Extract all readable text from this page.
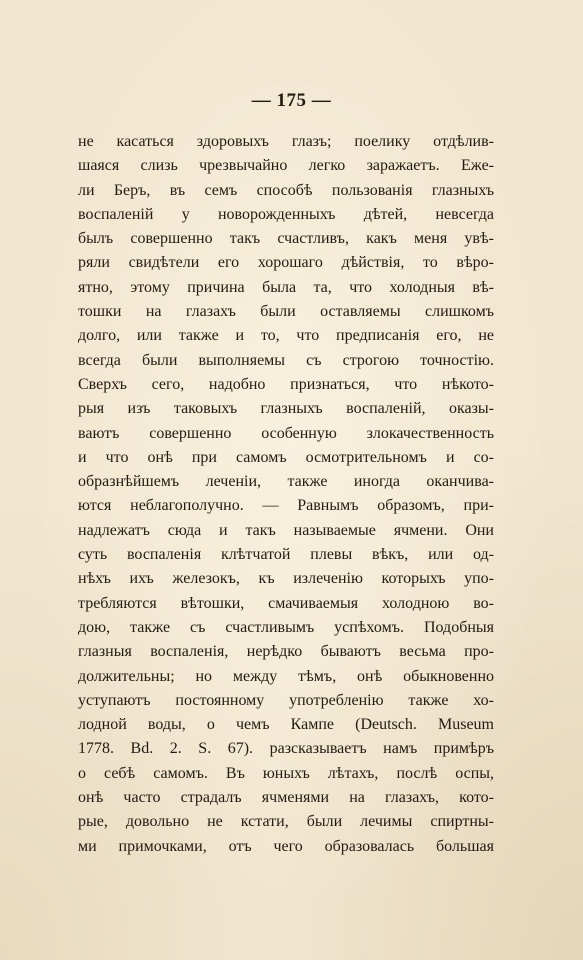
— 175 —
не касаться здоровыхъ глазъ; поелику отдѣлив-
шаяся слизь чрезвычайно легко заражаетъ. Еже-
ли Беръ, въ семъ способѣ пользованія глазныхъ
воспаленій у новорожденныхъ дѣтей, невсегда
былъ совершенно такъ счастливъ, какъ меня увѣ-
ряли свидѣтели его хорошаго дѣйствія, то вѣро-
ятно, этому причина была та, что холодныя вѣ-
тошки на глазахъ были оставляемы слишкомъ
долго, или также и то, что предписанія его, не
всегда были выполняемы съ строгою точностію.
Сверхъ сего, надобно признаться, что нѣкото-
рыя изъ таковыхъ глазныхъ воспаленій, оказы-
ваютъ совершенно особенную злокачественность
и что онѣ при самомъ осмотрительномъ и со-
образнѣйшемъ леченіи, также иногда оканчива-
ются неблагополучно. — Равнымъ образомъ, при-
надлежатъ сюда и такъ называемые ячмени. Они
суть воспаленія клѣтчатой плевы вѣкъ, или од-
нѣхъ ихъ железокъ, къ излеченію которыхъ упо-
требляются вѣтошки, смачиваемыя холодною во-
дою, также съ счастливымъ успѣхомъ. Подобныя
глазныя воспаленія, нерѣдко бываютъ весьма про-
должительны; но между тѣмъ, онѣ обыкновенно
уступаютъ постоянному употребленію также хо-
лодной воды, о чемъ Кампе (Deutsch. Museum
1778. Bd. 2. S. 67). разсказываетъ намъ примѣръ
о себѣ самомъ. Въ юныхъ лѣтахъ, послѣ оспы,
онѣ часто страдалъ ячменями на глазахъ, кото-
рые, довольно не кстати, были лечимы спиртны-
ми примочками, отъ чего образовалась большая
